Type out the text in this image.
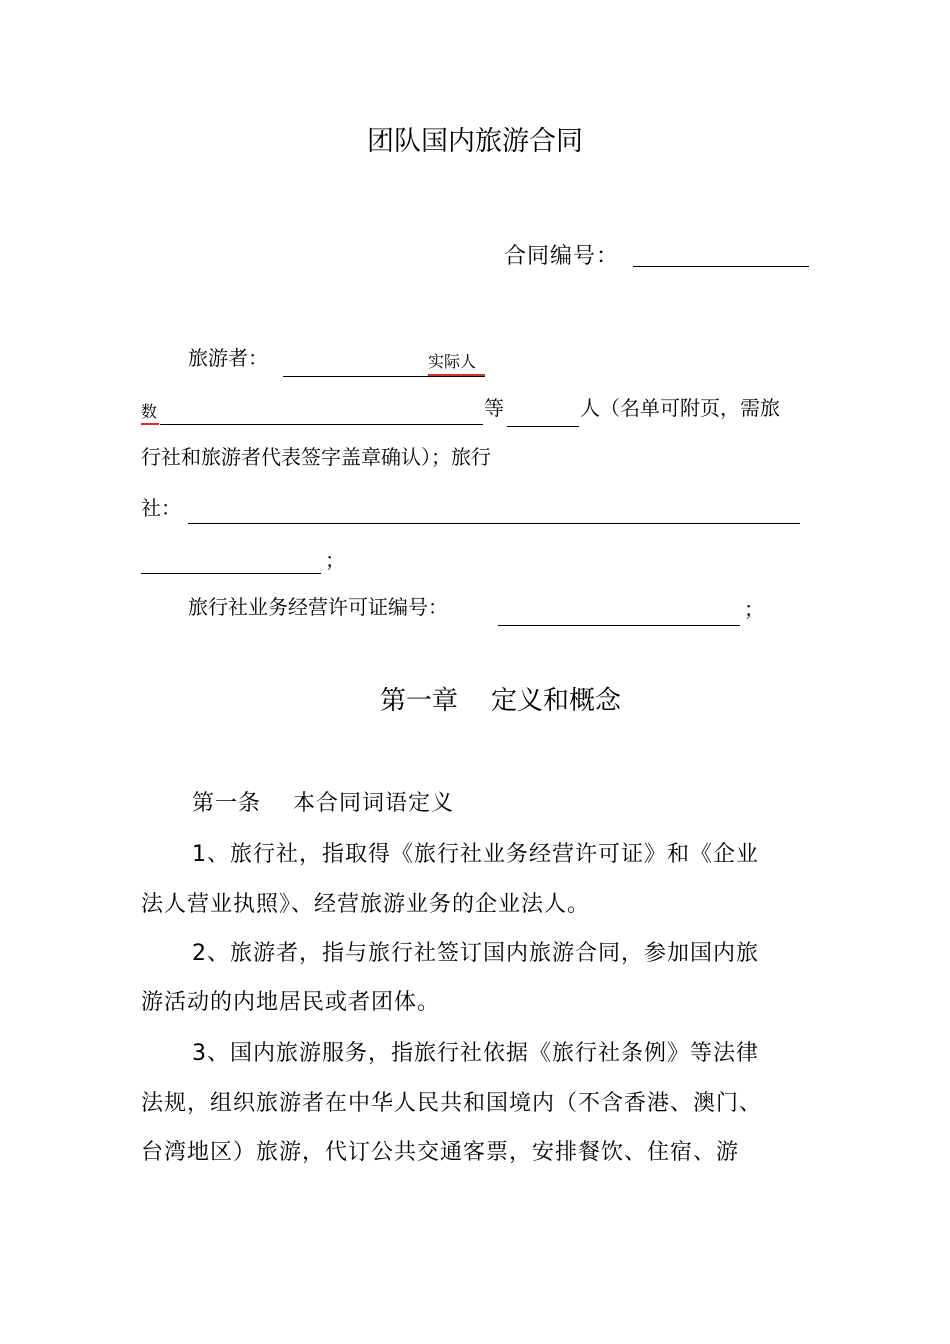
团队国内旅游合同
合同编号：
旅游者：	实际人
数	等	人（名单可附页，需旅
行社和旅游者代表签字盖章确认）；旅行
社：
；
旅行社业务经营许可证编号：	；
第一章    定义和概念
第一条    本合同词语定义
1、旅行社，指取得《旅行社业务经营许可证》和《企业
法人营业执照》、经营旅游业务的企业法人。
2、旅游者，指与旅行社签订国内旅游合同，参加国内旅
游活动的内地居民或者团体。
3、国内旅游服务，指旅行社依据《旅行社条例》等法律
法规，组织旅游者在中华人民共和国境内（不含香港、澳门、
台湾地区）旅游，代订公共交通客票，安排餐饮、住宿、游
